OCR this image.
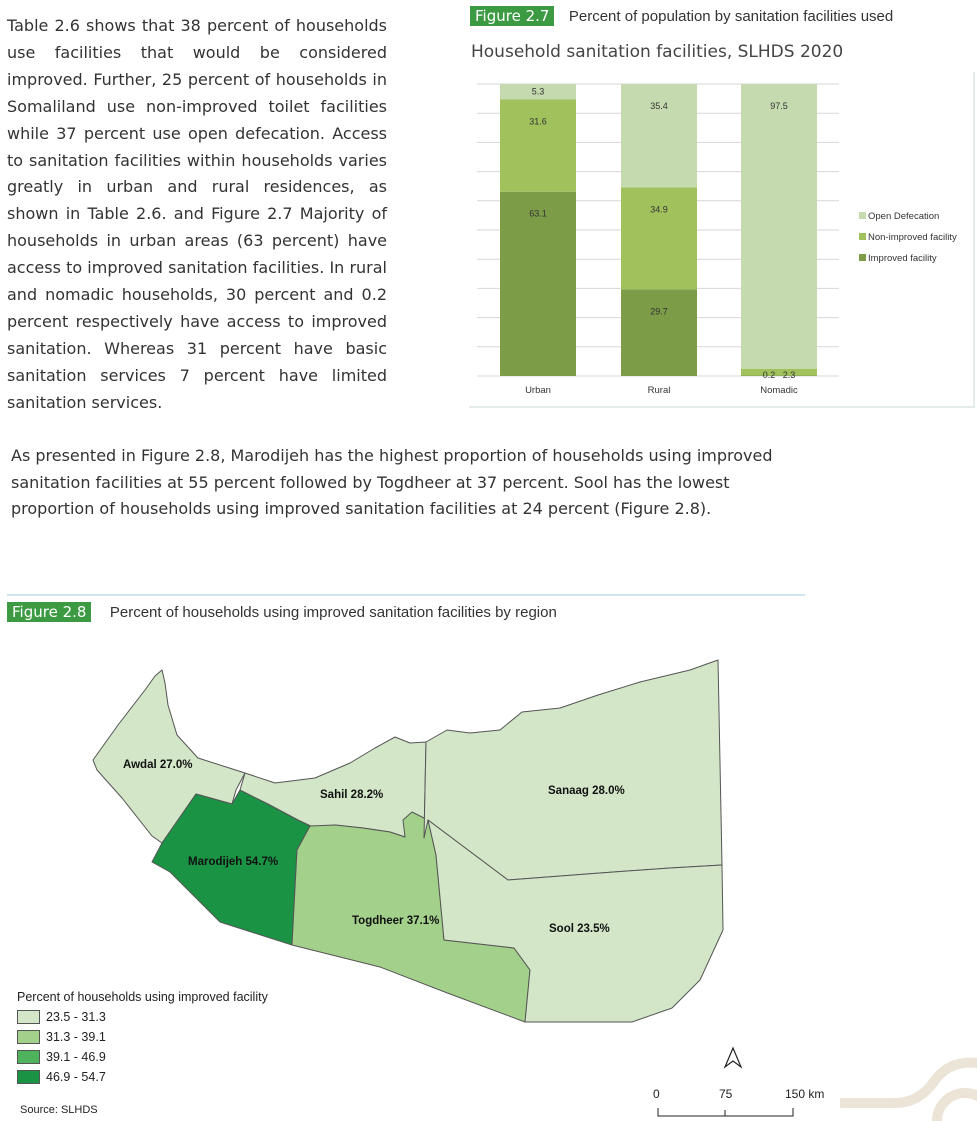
Table 2.6 shows that 38 percent of households use facilities that would be considered improved. Further, 25 percent of households in Somaliland use non-improved toilet facilities while 37 percent use open defecation. Access to sanitation facilities within households varies greatly in urban and rural residences, as shown in Table 2.6. and Figure 2.7 Majority of households in urban areas (63 percent) have access to improved sanitation facilities. In rural and nomadic households, 30 percent and 0.2 percent respectively have access to improved sanitation. Whereas 31 percent have basic sanitation services 7 percent have limited sanitation services.
Figure 2.7 Percent of population by sanitation facilities used
Household sanitation facilities, SLHDS 2020
63.1
31.6
5.3
Urban
29.7
34.9
35.4
Rural
97.5
0.2 2.3
Nomadic
Open Defecation
Non-improved facility
Improved facility
As presented in Figure 2.8, Marodijeh has the highest proportion of households using improved sanitation facilities at 55 percent followed by Togdheer at 37 percent. Sool has the lowest proportion of households using improved sanitation facilities at 24 percent (Figure 2.8).
Figure 2.8 Percent of households using improved sanitation facilities by region
Awdal 27.0%
Marodijeh 54.7%
Sahil 28.2%
Togdheer 37.1%
Sanaag 28.0%
Sool 23.5%
0	75	150 km
Percent of households using improved facility
23.5 - 31.3
31.3 - 39.1
39.1 - 46.9
46.9 - 54.7
Source: SLHDS
